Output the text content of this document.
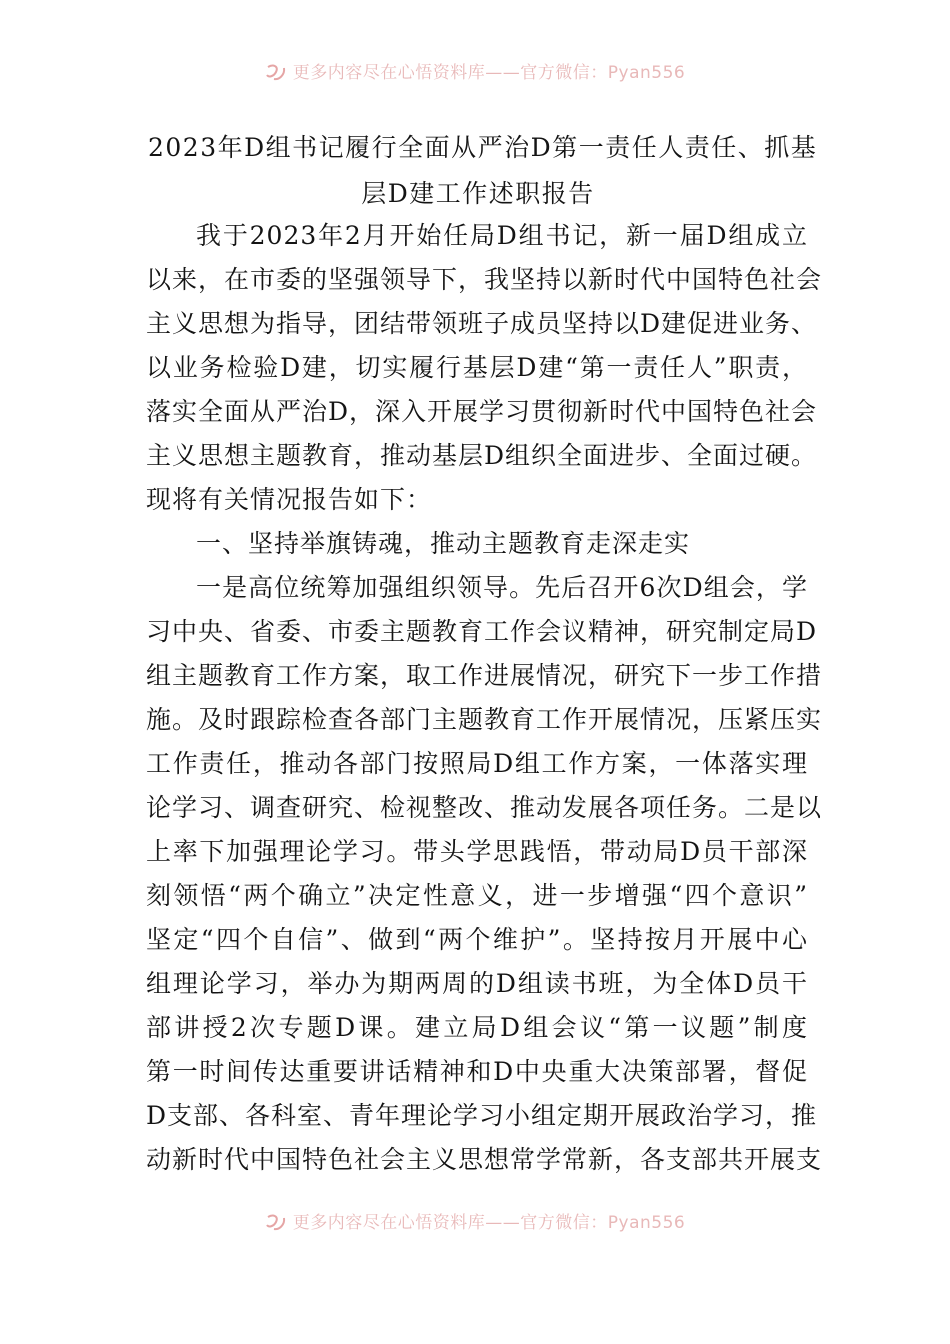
更多内容尽在心悟资料库——官方微信：Pyan556
2023年D组书记履行全面从严治D第一责任人责任、抓基
层D建工作述职报告
我于2023年2月开始任局D组书记，新一届D组成立
以来，在市委的坚强领导下，我坚持以新时代中国特色社会
主义思想为指导，团结带领班子成员坚持以D建促进业务、
以业务检验D建，切实履行基层D建“第一责任人”职责，
落实全面从严治D，深入开展学习贯彻新时代中国特色社会
主义思想主题教育，推动基层D组织全面进步、全面过硬。
现将有关情况报告如下：
一、坚持举旗铸魂，推动主题教育走深走实
一是高位统筹加强组织领导。先后召开6次D组会，学
习中央、省委、市委主题教育工作会议精神，研究制定局D
组主题教育工作方案，取工作进展情况，研究下一步工作措
施。及时跟踪检查各部门主题教育工作开展情况，压紧压实
工作责任，推动各部门按照局D组工作方案，一体落实理
论学习、调查研究、检视整改、推动发展各项任务。二是以
上率下加强理论学习。带头学思践悟，带动局D员干部深
刻领悟“两个确立”决定性意义，进一步增强“四个意识”
坚定“四个自信”、做到“两个维护”。坚持按月开展中心
组理论学习，举办为期两周的D组读书班，为全体D员干
部讲授2次专题D课。建立局D组会议“第一议题”制度
第一时间传达重要讲话精神和D中央重大决策部署，督促
D支部、各科室、青年理论学习小组定期开展政治学习，推
动新时代中国特色社会主义思想常学常新，各支部共开展支
更多内容尽在心悟资料库——官方微信：Pyan556
